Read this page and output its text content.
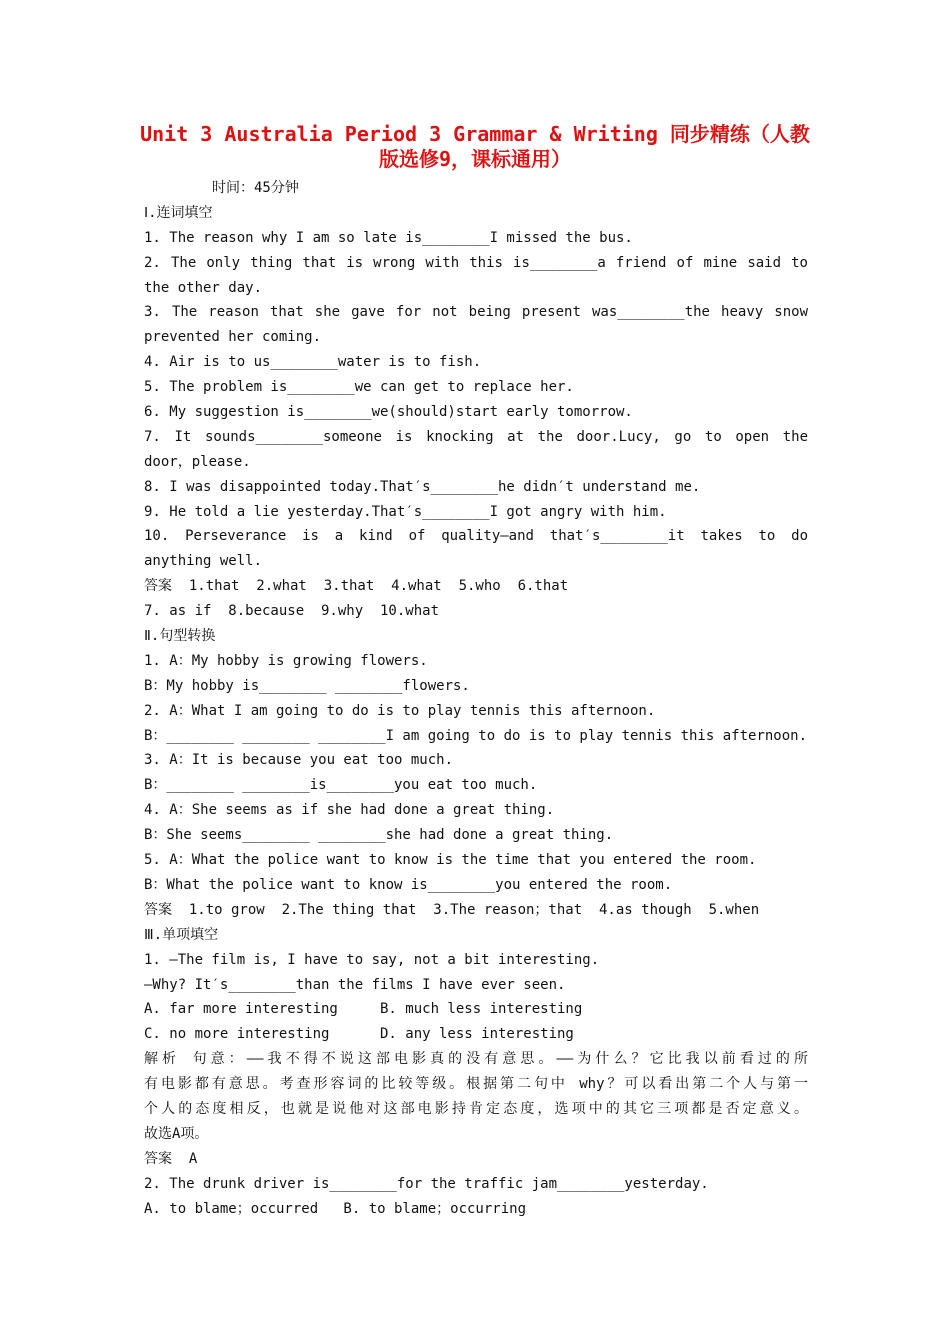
Unit 3 Australia Period 3 Grammar & Writing 同步精练（人教
版选修9，课标通用）
时间：45分钟
Ⅰ.连词填空
1. The reason why I am so late is________I missed the bus.
2. The only thing that is wrong with this is________a friend of mine said to
the other day.
3. The reason that she gave for not being present was________the heavy snow
prevented her coming.
4. Air is to us________water is to fish.
5. The problem is________we can get to replace her.
6. My suggestion is________we(should)start early tomorrow.
7. It sounds________someone is knocking at the door.Lucy, go to open the
door，please.
8. I was disappointed today.That′s________he didn′t understand me.
9. He told a lie yesterday.That′s________I got angry with him.
10. Perseverance is a kind of quality—and that′s________it takes to do
anything well.
答案  1.that  2.what  3.that  4.what  5.who  6.that
7. as if  8.because  9.why  10.what
Ⅱ.句型转换
1. A：My hobby is growing flowers.
B：My hobby is________ ________flowers.
2. A：What I am going to do is to play tennis this afternoon.
B：________ ________ ________I am going to do is to play tennis this afternoon.
3. A：It is because you eat too much.
B：________ ________is________you eat too much.
4. A：She seems as if she had done a great thing.
B：She seems________ ________she had done a great thing.
5. A：What the police want to know is the time that you entered the room.
B：What the police want to know is________you entered the room.
答案  1.to grow  2.The thing that  3.The reason；that  4.as though  5.when
Ⅲ.单项填空
1. —The film is, I have to say, not a bit interesting.
—Why? It′s________than the films I have ever seen.
A. far more interesting     B. much less interesting
C. no more interesting      D. any less interesting
解析 句意：——我不得不说这部电影真的没有意思。——为什么？它比我以前看过的所
有电影都有意思。考查形容词的比较等级。根据第二句中 why？可以看出第二个人与第一
个人的态度相反，也就是说他对这部电影持肯定态度，选项中的其它三项都是否定意义。
故选A项。
答案  A
2. The drunk driver is________for the traffic jam________yesterday.
A. to blame；occurred   B. to blame；occurring
